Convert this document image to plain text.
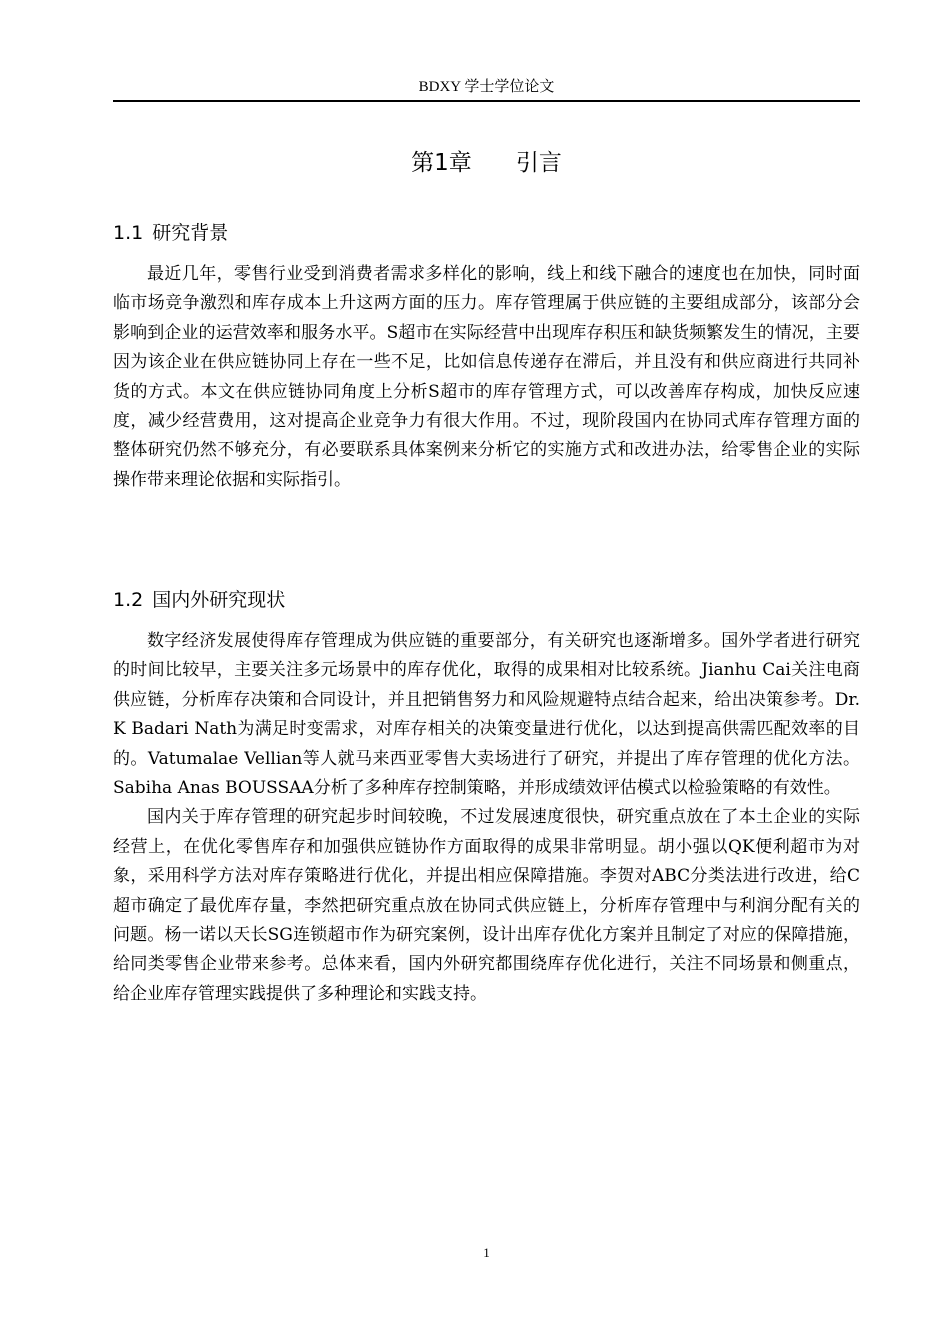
BDXY 学士学位论文
第1章 引言
1.1 研究背景

最近几年，零售行业受到消费者需求多样化的影响，线上和线下融合的速度也在加快，同时面临市场竞争激烈和库存成本上升这两方面的压力。库存管理属于供应链的主要组成部分，该部分会影响到企业的运营效率和服务水平。S超市在实际经营中出现库存积压和缺货频繁发生的情况，主要因为该企业在供应链协同上存在一些不足，比如信息传递存在滞后，并且没有和供应商进行共同补货的方式。本文在供应链协同角度上分析S超市的库存管理方式，可以改善库存构成，加快反应速度，减少经营费用，这对提高企业竞争力有很大作用。不过，现阶段国内在协同式库存管理方面的整体研究仍然不够充分，有必要联系具体案例来分析它的实施方式和改进办法，给零售企业的实际操作带来理论依据和实际指引。

1.2 国内外研究现状

数字经济发展使得库存管理成为供应链的重要部分，有关研究也逐渐增多。国外学者进行研究的时间比较早，主要关注多元场景中的库存优化，取得的成果相对比较系统。Jianhu Cai关注电商供应链，分析库存决策和合同设计，并且把销售努力和风险规避特点结合起来，给出决策参考。Dr. K Badari Nath为满足时变需求，对库存相关的决策变量进行优化，以达到提高供需匹配效率的目的。Vatumalae Vellian等人就马来西亚零售大卖场进行了研究，并提出了库存管理的优化方法。Sabiha Anas BOUSSAA分析了多种库存控制策略，并形成绩效评估模式以检验策略的有效性。

国内关于库存管理的研究起步时间较晚，不过发展速度很快，研究重点放在了本土企业的实际经营上，在优化零售库存和加强供应链协作方面取得的成果非常明显。胡小强以QK便利超市为对象，采用科学方法对库存策略进行优化，并提出相应保障措施。李贺对ABC分类法进行改进，给C超市确定了最优库存量，李然把研究重点放在协同式供应链上，分析库存管理中与利润分配有关的问题。杨一诺以天长SG连锁超市作为研究案例，设计出库存优化方案并且制定了对应的保障措施，给同类零售企业带来参考。总体来看，国内外研究都围绕库存优化进行，关注不同场景和侧重点，给企业库存管理实践提供了多种理论和实践支持。

1
